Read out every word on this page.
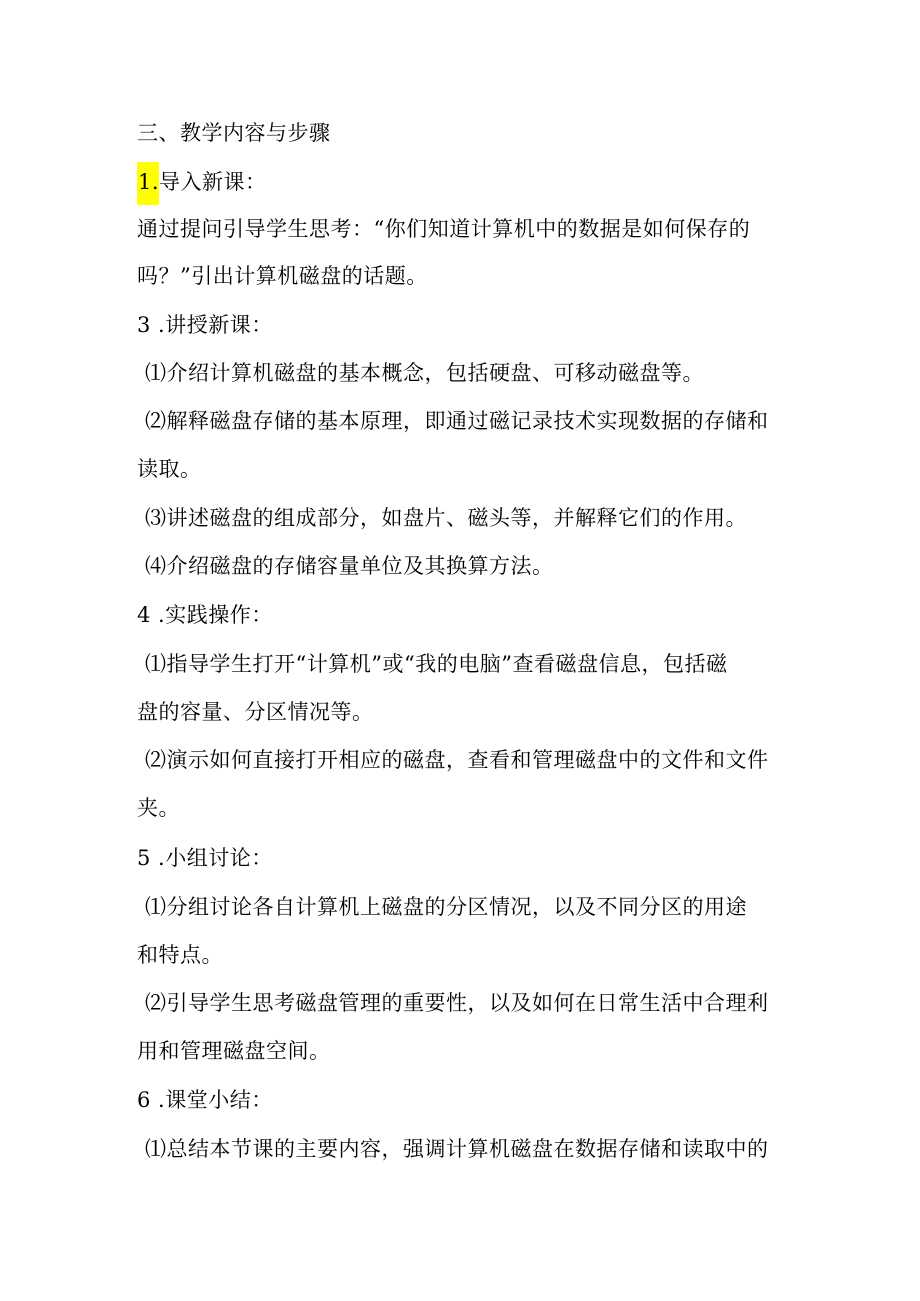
三、教学内容与步骤
1.导入新课：
通过提问引导学生思考：“你们知道计算机中的数据是如何保存的
吗？”引出计算机磁盘的话题。
3 .讲授新课：
⑴介绍计算机磁盘的基本概念，包括硬盘、可移动磁盘等。
⑵解释磁盘存储的基本原理，即通过磁记录技术实现数据的存储和
读取。
⑶讲述磁盘的组成部分，如盘片、磁头等，并解释它们的作用。
⑷介绍磁盘的存储容量单位及其换算方法。
4 .实践操作：
⑴指导学生打开“计算机”或“我的电脑”查看磁盘信息，包括磁
盘的容量、分区情况等。
⑵演示如何直接打开相应的磁盘，查看和管理磁盘中的文件和文件
夹。
5 .小组讨论：
⑴分组讨论各自计算机上磁盘的分区情况，以及不同分区的用途
和特点。
⑵引导学生思考磁盘管理的重要性，以及如何在日常生活中合理利
用和管理磁盘空间。
6 .课堂小结：
⑴总结本节课的主要内容，强调计算机磁盘在数据存储和读取中的
